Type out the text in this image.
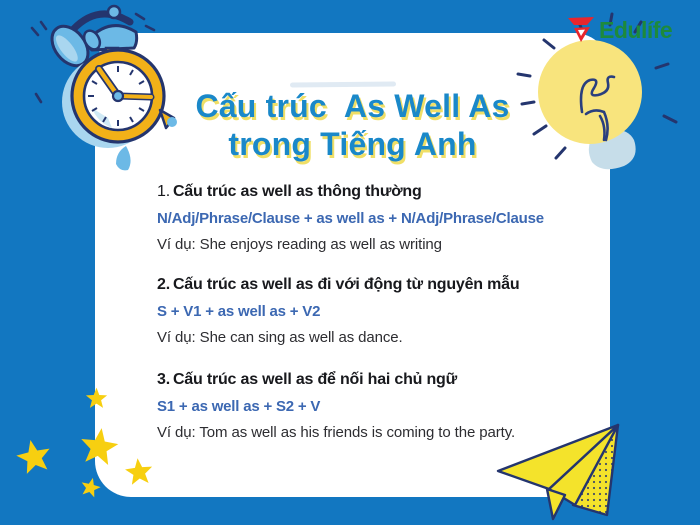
Cấu trúc  As Well As
trong Tiếng Anh
1. Cấu trúc as well as thông thường
N/Adj/Phrase/Clause + as well as + N/Adj/Phrase/Clause
Ví dụ: She enjoys reading as well as writing
2. Cấu trúc as well as đi với động từ nguyên mẫu
S + V1 + as well as + V2
Ví dụ: She can sing as well as dance.
3. Cấu trúc as well as để nối hai chủ ngữ
S1 + as well as + S2 + V
Ví dụ: Tom as well as his friends is coming to the party.
Edulífe
